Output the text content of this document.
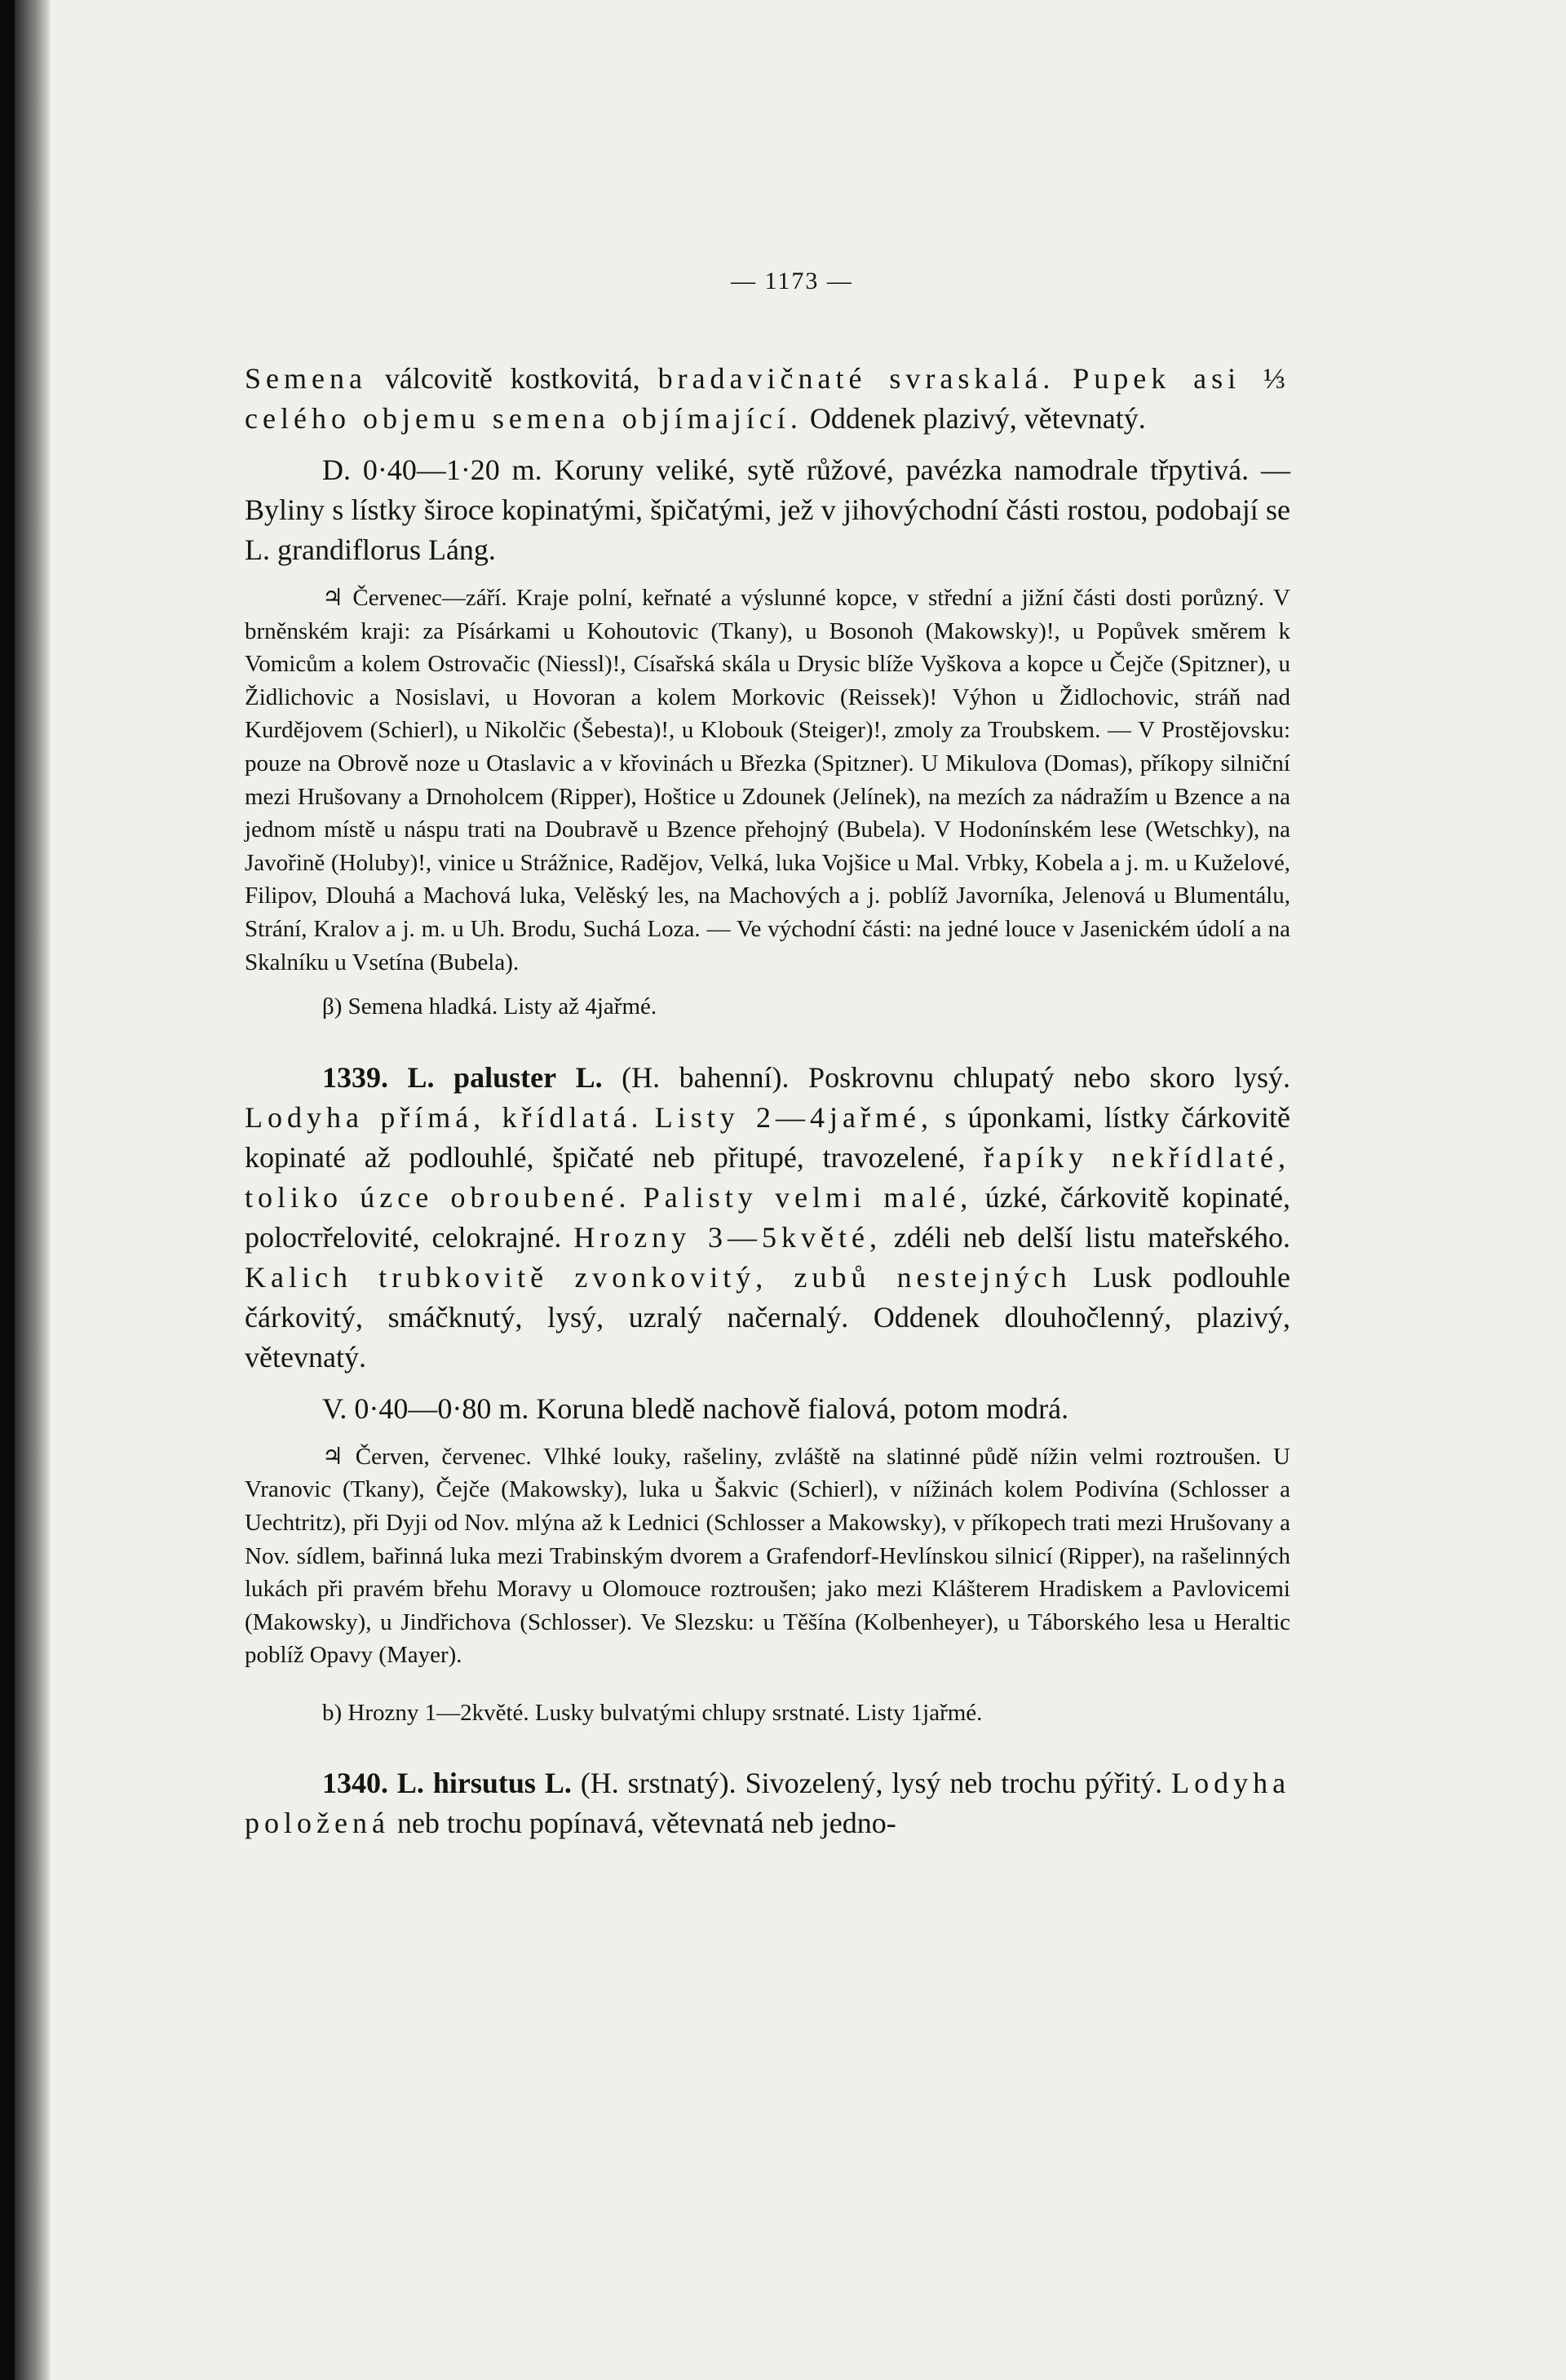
— 1173 —

Semena válcovitě kostkovitá, bradavičnaté svraskalá. Pupek asi ⅓ celého objemu semena objímající. Oddenek plazivý, větevnatý.

D. 0·40—1·20 m. Koruny veliké, sytě růžové, pavézka namodrale třpytivá. — Byliny s lístky široce kopinatými, špičatými, jež v jihovýchodní části rostou, podobají se L. grandiflorus Láng.

♃ Červenec—září. Kraje polní, keřnaté a výslunné kopce, v střední a jižní části dosti porůzný. V brněnském kraji: za Písárkami u Kohoutovic (Tkany), u Bosonoh (Makowsky)!, u Popůvek směrem k Vomicům a kolem Ostrovačic (Niessl)!, Císařská skála u Drysic blíže Vyškova a kopce u Čejče (Spitzner), u Židlichovic a Nosislavi, u Hovoran a kolem Morkovic (Reissek)! Výhon u Židlochovic, stráň nad Kurdějovem (Schierl), u Nikolčic (Šebesta)!, u Klobouk (Steiger)!, zmoly za Troubskem. — V Prostějovsku: pouze na Obrově noze u Otaslavic a v křovinách u Březka (Spitzner). U Mikulova (Domas), příkopy silniční mezi Hrušovany a Drnoholcem (Ripper), Hoštice u Zdounek (Jelínek), na mezích za nádražím u Bzence a na jednom místě u náspu trati na Doubravě u Bzence přehojný (Bubela). V Hodonínském lese (Wetschky), na Javořině (Holuby)!, vinice u Strážnice, Radějov, Velká, luka Vojšice u Mal. Vrbky, Kobela a j. m. u Kuželové, Filipov, Dlouhá a Machová luka, Velěský les, na Machových a j. poblíž Javorníka, Jelenová u Blumentálu, Strání, Kralov a j. m. u Uh. Brodu, Suchá Loza. — Ve východní části: na jedné louce v Jasenickém údolí a na Skalníku u Vsetína (Bubela).

β) Semena hladká. Listy až 4jařmé.

1339. L. paluster L. (H. bahenní). Poskrovnu chlupatý nebo skoro lysý. Lodyha přímá, křídlatá. Listy 2—4jařmé, s úponkami, lístky čárkovitě kopinaté až podlouhlé, špičaté neb přitupé, travozelené, řapíky nekřídlaté, toliko úzce obroubené. Palisty velmi malé, úzké, čárkovitě kopinaté, poloстřelovité, celokrajné. Hrozny 3—5květé, zdéli neb delší listu mateřského. Kalich trubkovitě zvonkovitý, zubů nestejných Lusk podlouhle čárkovitý, smáčknutý, lysý, uzralý načernalý. Oddenek dlouhočlenný, plazivý, větevnatý.

V. 0·40—0·80 m. Koruna bledě nachově fialová, potom modrá.

♃ Červen, červenec. Vlhké louky, rašeliny, zvláště na slatinné půdě nížin velmi roztroušen. U Vranovic (Tkany), Čejče (Makowsky), luka u Šakvic (Schierl), v nížinách kolem Podivína (Schlosser a Uechtritz), při Dyji od Nov. mlýna až k Lednici (Schlosser a Makowsky), v příkopech trati mezi Hrušovany a Nov. sídlem, bařinná luka mezi Trabinským dvorem a Grafendorf-Hevlínskou silnicí (Ripper), na rašelinných lukách při pravém břehu Moravy u Olomouce roztroušen; jako mezi Klášterem Hradiskem a Pavlovicemi (Makowsky), u Jindřichova (Schlosser). Ve Slezsku: u Těšína (Kolbenheyer), u Táborského lesa u Heraltic poblíž Opavy (Mayer).

b) Hrozny 1—2květé. Lusky bulvatými chlupy srstnaté. Listy 1jařmé.

1340. L. hirsutus L. (H. srstnatý). Sivozelený, lysý neb trochu pýřitý. Lodyha položená neb trochu popínavá, větevnatá neb jedno-
